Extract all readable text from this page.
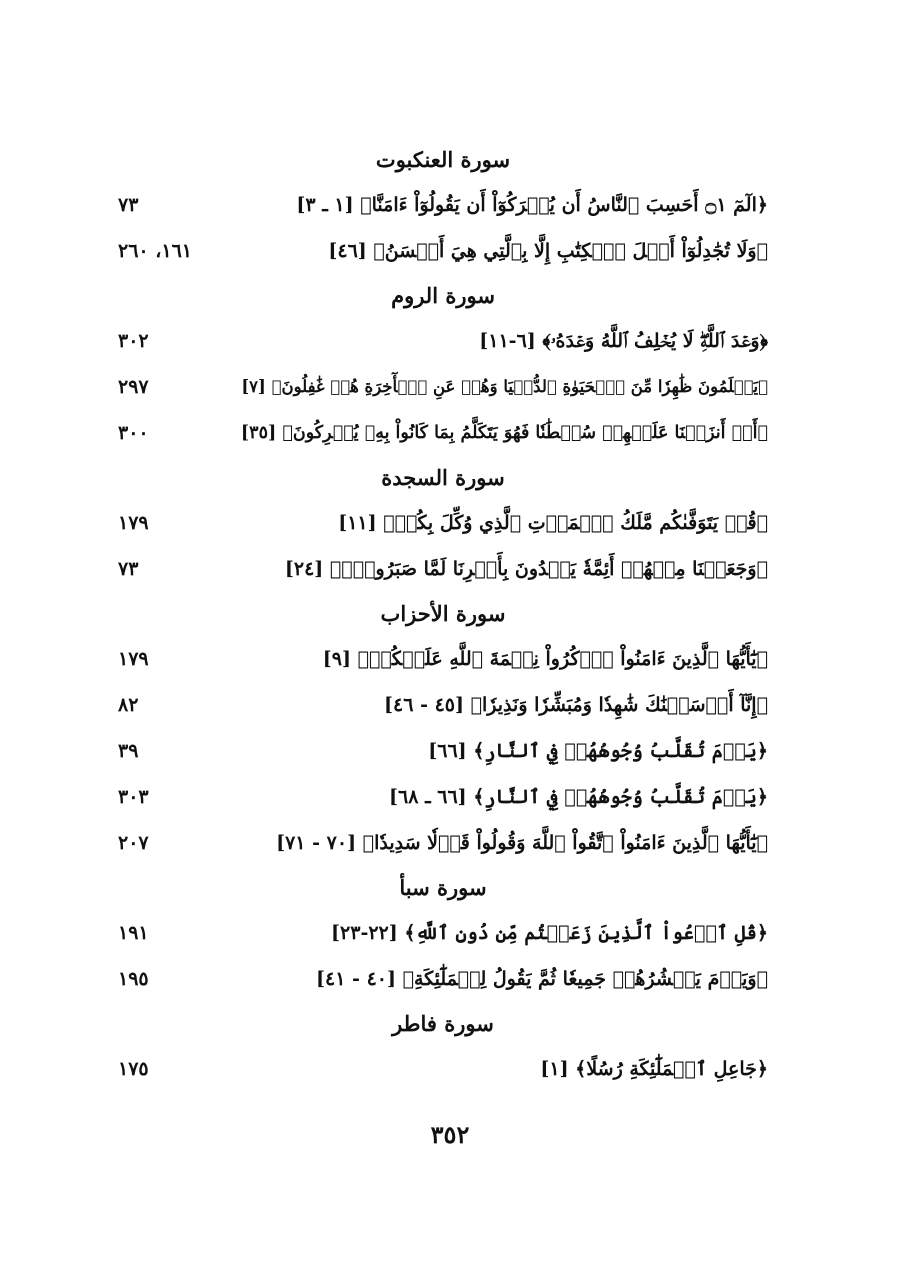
سورة العنكبوت
٧٣	﴿الٓمٓ ۝١ أَحَسِبَ ٱلنَّاسُ أَن يُتۡرَكُوٓاْ أَن يَقُولُوٓاْ ءَامَنَّا﴾ [١ ـ ٣]
١٦١، ٢٦٠	﴿وَلَا تُجَٰدِلُوٓاْ أَهۡلَ ٱلۡكِتَٰبِ إِلَّا بِٱلَّتِي هِيَ أَحۡسَنُ﴾ [٤٦]
سورة الروم
٣٠٢	﴿وَعۡدَ ٱللَّهِۖ لَا يُخۡلِفُ ٱللَّهُ وَعۡدَهُۥ﴾ [٦-١١]
٢٩٧	﴿يَعۡلَمُونَ ظَٰهِرٗا مِّنَ ٱلۡحَيَوٰةِ ٱلدُّنۡيَا وَهُمۡ عَنِ ٱلۡأٓخِرَةِ هُمۡ غَٰفِلُونَ﴾ [٧]
٣٠٠	﴿أَمۡ أَنزَلۡنَا عَلَيۡهِمۡ سُلۡطَٰنٗا فَهُوَ يَتَكَلَّمُ بِمَا كَانُواْ بِهِۦ يُشۡرِكُونَ﴾ [٣٥]
سورة السجدة
١٧٩	﴿قُلۡ يَتَوَفَّىٰكُم مَّلَكُ ٱلۡمَوۡتِ ٱلَّذِي وُكِّلَ بِكُمۡ﴾ [١١]
٧٣	﴿وَجَعَلۡنَا مِنۡهُمۡ أَئِمَّةٗ يَهۡدُونَ بِأَمۡرِنَا لَمَّا صَبَرُواْۖ﴾ [٢٤]
سورة الأحزاب
١٧٩	﴿يَٰٓأَيُّهَا ٱلَّذِينَ ءَامَنُواْ ٱذۡكُرُواْ نِعۡمَةَ ٱللَّهِ عَلَيۡكُمۡ﴾ [٩]
٨٢	﴿إِنَّآ أَرۡسَلۡنَٰكَ شَٰهِدٗا وَمُبَشِّرٗا وَنَذِيرٗا﴾ [٤٥ - ٤٦]
٣٩	﴿يَوۡمَ تُقَلَّبُ وُجُوهُهُمۡ فِي ٱلنَّارِ﴾ [٦٦]
٣٠٣	﴿يَوۡمَ تُقَلَّبُ وُجُوهُهُمۡ فِي ٱلنَّارِ﴾ [٦٦ ـ ٦٨]
٢٠٧	﴿يَٰٓأَيُّهَا ٱلَّذِينَ ءَامَنُواْ ٱتَّقُواْ ٱللَّهَ وَقُولُواْ قَوۡلٗا سَدِيدٗا﴾ [٧٠ - ٧١]
سورة سبأ
١٩١	﴿قُلِ ٱدۡعُواْ ٱلَّذِينَ زَعَمۡتُم مِّن دُونِ ٱللَّهِ﴾ [٢٢-٢٣]
١٩٥	﴿وَيَوۡمَ يَحۡشُرُهُمۡ جَمِيعٗا ثُمَّ يَقُولُ لِلۡمَلَٰٓئِكَةِ﴾ [٤٠ - ٤١]
سورة فاطر
١٧٥	﴿جَاعِلِ ٱلۡمَلَٰٓئِكَةِ رُسُلًا﴾ [١]
٣٥٢
